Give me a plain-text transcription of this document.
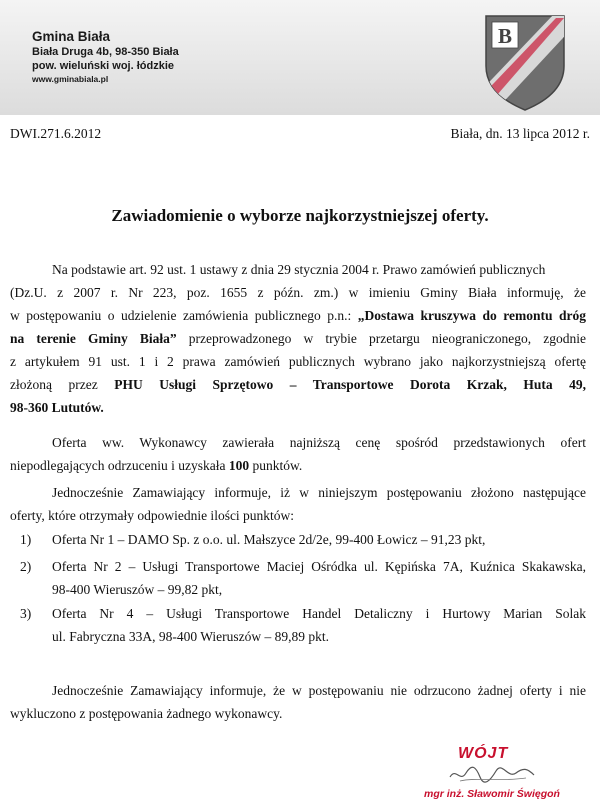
Gmina Biała
Biała Druga 4b, 98-350 Biała
pow. wieluński woj. łódzkie
www.gminabiala.pl
B
DWI.271.6.2012	Biała, dn. 13 lipca 2012 r.
Zawiadomienie o wyborze najkorzystniejszej oferty.
Na podstawie art. 92 ust. 1 ustawy z dnia 29 stycznia 2004 r. Prawo zamówień publicznych
(Dz.U. z 2007 r. Nr 223, poz. 1655 z późn. zm.) w imieniu Gminy Biała informuję, że
w postępowaniu o udzielenie zamówienia publicznego p.n.: „Dostawa kruszywa do remontu dróg
na terenie Gminy Biała” przeprowadzonego w trybie przetargu nieograniczonego, zgodnie
z artykułem 91 ust. 1 i 2 prawa zamówień publicznych wybrano jako najkorzystniejszą ofertę
złożoną przez PHU Usługi Sprzętowo – Transportowe Dorota Krzak, Huta 49,
98-360 Lututów.
Oferta ww. Wykonawcy zawierała najniższą cenę spośród przedstawionych ofert
niepodlegających odrzuceniu i uzyskała 100 punktów.
Jednocześnie Zamawiający informuje, iż w niniejszym postępowaniu złożono następujące
oferty, które otrzymały odpowiednie ilości punktów:
1) Oferta Nr 1 – DAMO Sp. z o.o. ul. Małszyce 2d/2e, 99-400 Łowicz – 91,23 pkt,
2) Oferta Nr 2 – Usługi Transportowe Maciej Ośródka ul. Kępińska 7A, Kuźnica Skakawska,
98-400 Wieruszów – 99,82 pkt,
3) Oferta Nr 4 – Usługi Transportowe Handel Detaliczny i Hurtowy Marian Solak
ul. Fabryczna 33A, 98-400 Wieruszów – 89,89 pkt.
Jednocześnie Zamawiający informuje, że w postępowaniu nie odrzucono żadnej oferty i nie
wykluczono z postępowania żadnego wykonawcy.
WÓJT
mgr inż. Sławomir Święgoń
